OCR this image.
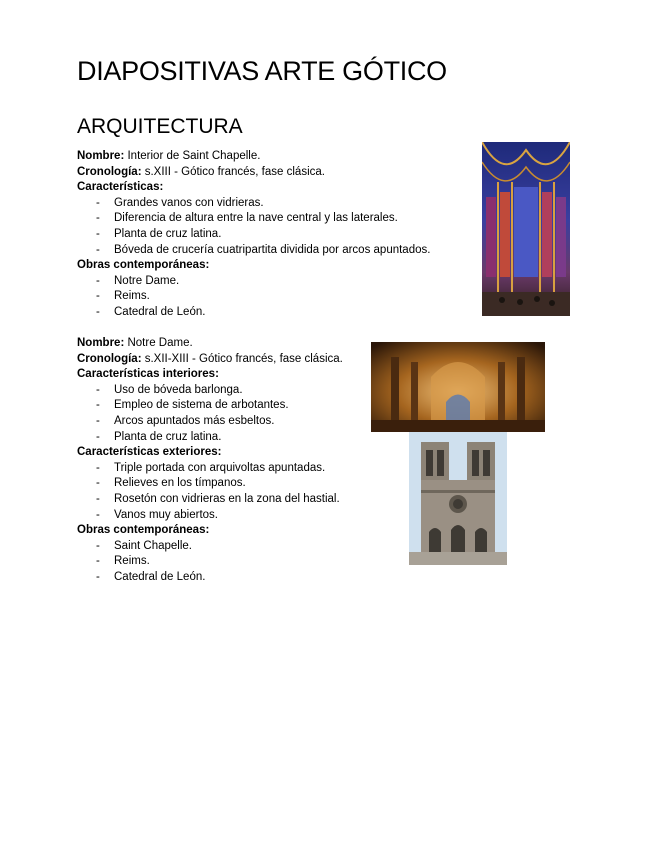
DIAPOSITIVAS ARTE GÓTICO
ARQUITECTURA
Nombre: Interior de Saint Chapelle.
Cronología: s.XIII - Gótico francés, fase clásica.
Características:
- Grandes vanos con vidrieras.
- Diferencia de altura entre la nave central y las laterales.
- Planta de cruz latina.
- Bóveda de crucería cuatripartita dividida por arcos apuntados.
Obras contemporáneas:
- Notre Dame.
- Reims.
- Catedral de León.
Nombre: Notre Dame.
Cronología: s.XII-XIII - Gótico francés, fase clásica.
Características interiores:
- Uso de bóveda barlonga.
- Empleo de sistema de arbotantes.
- Arcos apuntados más esbeltos.
- Planta de cruz latina.
Características exteriores:
- Triple portada con arquivoltas apuntadas.
- Relieves en los tímpanos.
- Rosetón con vidrieras en la zona del hastial.
- Vanos muy abiertos.
Obras contemporáneas:
- Saint Chapelle.
- Reims.
- Catedral de León.
